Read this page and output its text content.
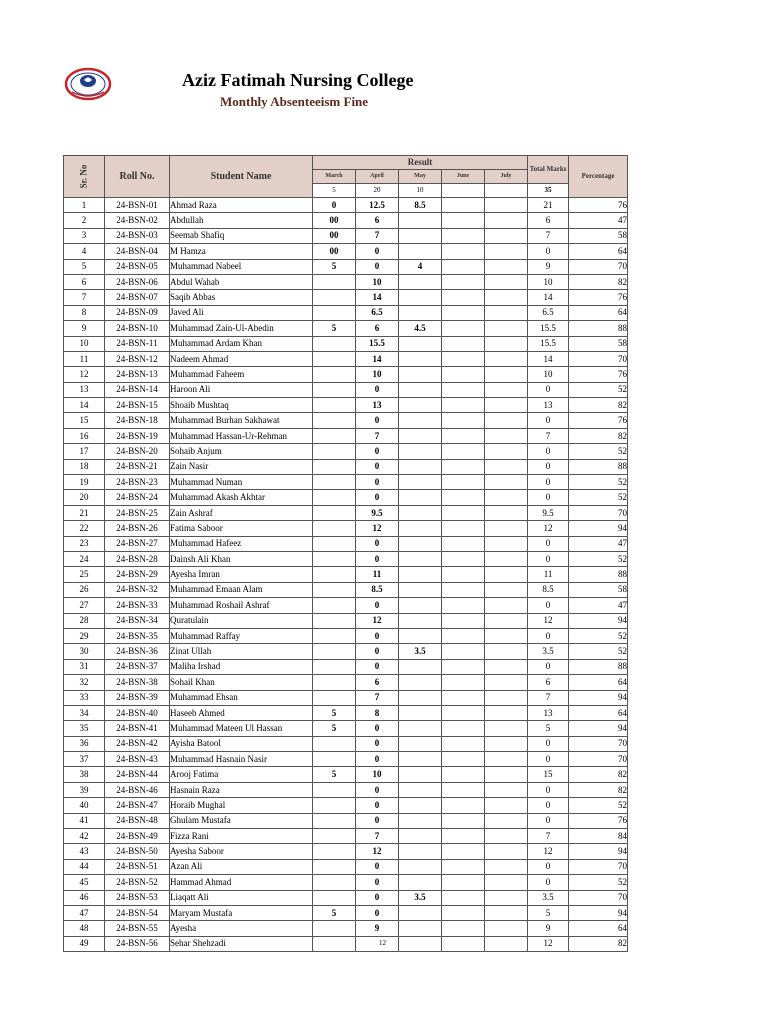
Aziz Fatimah Nursing College
Monthly Absenteeism Fine
Sr. No	Roll No.	Student Name	Result					Total Marks	Percentage
			March	April	May	June	July		
			5	20	10			35	
1	24-BSN-01	Ahmad Raza	0	12.5	8.5			21	76
2	24-BSN-02	Abdullah	00	6				6	47
3	24-BSN-03	Seemab Shafiq	00	7				7	58
4	24-BSN-04	M Hamza	00	0				0	64
5	24-BSN-05	Muhammad Nabeel	5	0	4			9	70
6	24-BSN-06	Abdul Wahab		10				10	82
7	24-BSN-07	Saqib Abbas		14				14	76
8	24-BSN-09	Javed Ali		6.5				6.5	64
9	24-BSN-10	Muhammad Zain-Ul-Abedin	5	6	4.5			15.5	88
10	24-BSN-11	Muhammad Ardam Khan		15.5				15.5	58
11	24-BSN-12	Nadeem Ahmad		14				14	70
12	24-BSN-13	Muhammad Faheem		10				10	76
13	24-BSN-14	Haroon Ali		0				0	52
14	24-BSN-15	Shoaib Mushtaq		13				13	82
15	24-BSN-18	Muhammad Burhan Sakhawat		0				0	76
16	24-BSN-19	Muhammad Hassan-Ur-Rehman		7				7	82
17	24-BSN-20	Sohaib Anjum		0				0	52
18	24-BSN-21	Zain Nasir		0				0	88
19	24-BSN-23	Muhammad Numan		0				0	52
20	24-BSN-24	Muhammad Akash Akhtar		0				0	52
21	24-BSN-25	Zain Ashraf		9.5				9.5	70
22	24-BSN-26	Fatima Saboor		12				12	94
23	24-BSN-27	Muhammad Hafeez		0				0	47
24	24-BSN-28	Dainsh Ali Khan		0				0	52
25	24-BSN-29	Ayesha Imran		11				11	88
26	24-BSN-32	Muhammad Emaan Alam		8.5				8.5	58
27	24-BSN-33	Muhammad Roshail Ashraf		0				0	47
28	24-BSN-34	Quratulain		12				12	94
29	24-BSN-35	Muhammad Raffay		0				0	52
30	24-BSN-36	Zinat Ullah		0	3.5			3.5	52
31	24-BSN-37	Maliha Irshad		0				0	88
32	24-BSN-38	Sohail Khan		6				6	64
33	24-BSN-39	Muhammad Ehsan		7				7	94
34	24-BSN-40	Haseeb Ahmed	5	8				13	64
35	24-BSN-41	Muhammad Mateen Ul Hassan	5	0				5	94
36	24-BSN-42	Ayisha Batool		0				0	70
37	24-BSN-43	Muhammad Hasnain Nasir		0				0	70
38	24-BSN-44	Arooj Fatima	5	10				15	82
39	24-BSN-46	Hasnain Raza		0				0	82
40	24-BSN-47	Horaib Mughal		0				0	52
41	24-BSN-48	Ghulam Mustafa		0				0	76
42	24-BSN-49	Fizza Rani		7				7	84
43	24-BSN-50	Ayesha Saboor		12				12	94
44	24-BSN-51	Azan Ali		0				0	70
45	24-BSN-52	Hammad Ahmad		0				0	52
46	24-BSN-53	Liaqatt Ali		0	3.5			3.5	70
47	24-BSN-54	Maryam Mustafa	5	0				5	94
48	24-BSN-55	Ayesha		9				9	64
49	24-BSN-56	Sehar Shehzadi		12				12	82
